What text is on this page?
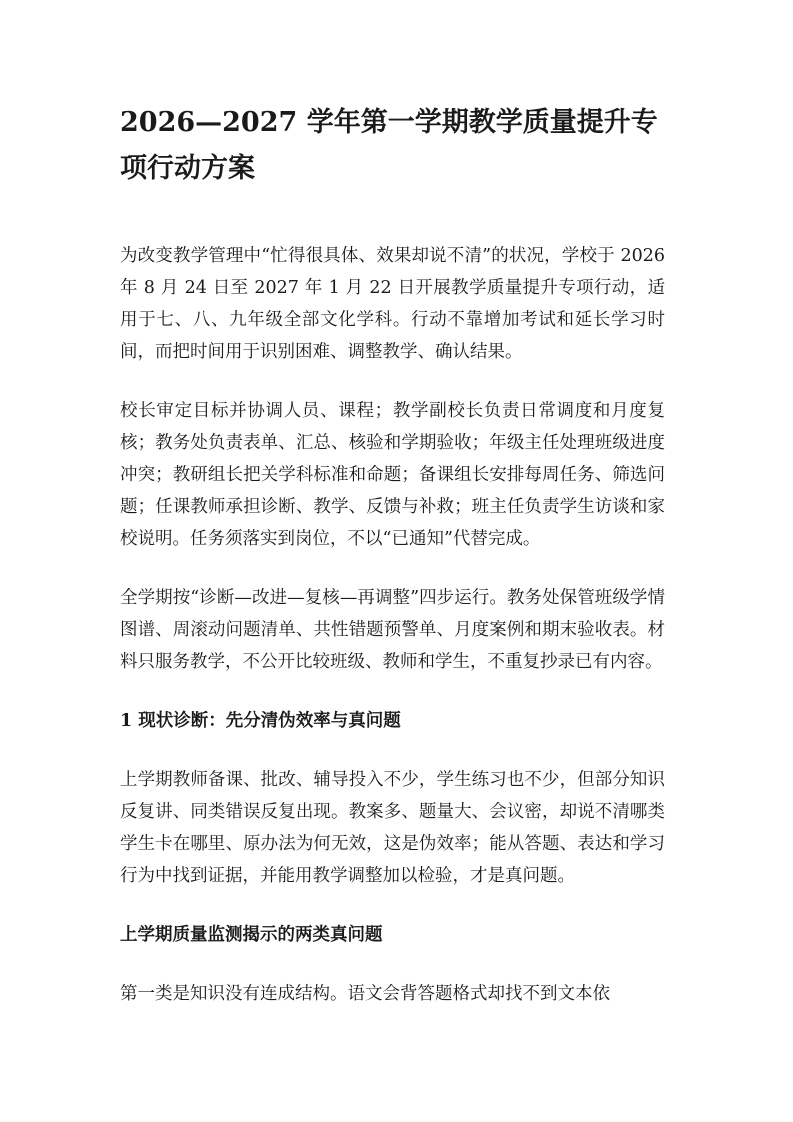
2026—2027 学年第一学期教学质量提升专项行动方案

为改变教学管理中“忙得很具体、效果却说不清”的状况，学校于 2026 年 8 月 24 日至 2027 年 1 月 22 日开展教学质量提升专项行动，适用于七、八、九年级全部文化学科。行动不靠增加考试和延长学习时间，而把时间用于识别困难、调整教学、确认结果。

校长审定目标并协调人员、课程；教学副校长负责日常调度和月度复核；教务处负责表单、汇总、核验和学期验收；年级主任处理班级进度冲突；教研组长把关学科标准和命题；备课组长安排每周任务、筛选问题；任课教师承担诊断、教学、反馈与补救；班主任负责学生访谈和家校说明。任务须落实到岗位，不以“已通知”代替完成。

全学期按“诊断—改进—复核—再调整”四步运行。教务处保管班级学情图谱、周滚动问题清单、共性错题预警单、月度案例和期末验收表。材料只服务教学，不公开比较班级、教师和学生，不重复抄录已有内容。

1 现状诊断：先分清伪效率与真问题

上学期教师备课、批改、辅导投入不少，学生练习也不少，但部分知识反复讲、同类错误反复出现。教案多、题量大、会议密，却说不清哪类学生卡在哪里、原办法为何无效，这是伪效率；能从答题、表达和学习行为中找到证据，并能用教学调整加以检验，才是真问题。

上学期质量监测揭示的两类真问题

第一类是知识没有连成结构。语文会背答题格式却找不到文本依
